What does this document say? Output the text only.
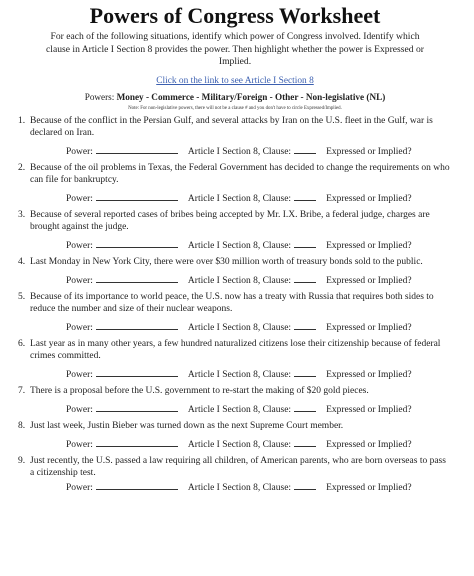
Powers of Congress Worksheet

For each of the following situations, identify which power of Congress involved. Identify which clause in Article I Section 8 provides the power. Then highlight whether the power is Expressed or Implied.

Click on the link to see Article I Section 8
Powers: Money - Commerce - Military/Foreign - Other - Non-legislative (NL)
Note: For non-legislative powers, there will not be a clause # and you don't have to circle Expressed/Implied.
1. Because of the conflict in the Persian Gulf, and several attacks by Iran on the U.S. fleet in the Gulf, war is declared on Iran.
Power:	Article I Section 8, Clause:	Expressed or Implied?
2. Because of the oil problems in Texas, the Federal Government has decided to change the requirements on who can file for bankruptcy.
Power:	Article I Section 8, Clause:	Expressed or Implied?
3. Because of several reported cases of bribes being accepted by Mr. I.X. Bribe, a federal judge, charges are brought against the judge.
Power:	Article I Section 8, Clause:	Expressed or Implied?
4. Last Monday in New York City, there were over $30 million worth of treasury bonds sold to the public.
Power:	Article I Section 8, Clause:	Expressed or Implied?
5. Because of its importance to world peace, the U.S. now has a treaty with Russia that requires both sides to reduce the number and size of their nuclear weapons.
Power:	Article I Section 8, Clause:	Expressed or Implied?
6. Last year as in many other years, a few hundred naturalized citizens lose their citizenship because of federal crimes committed.
Power:	Article I Section 8, Clause:	Expressed or Implied?
7. There is a proposal before the U.S. government to re-start the making of $20 gold pieces.
Power:	Article I Section 8, Clause:	Expressed or Implied?
8. Just last week, Justin Bieber was turned down as the next Supreme Court member.
Power:	Article I Section 8, Clause:	Expressed or Implied?
9. Just recently, the U.S. passed a law requiring all children, of American parents, who are born overseas to pass a citizenship test.
Power:	Article I Section 8, Clause:	Expressed or Implied?
